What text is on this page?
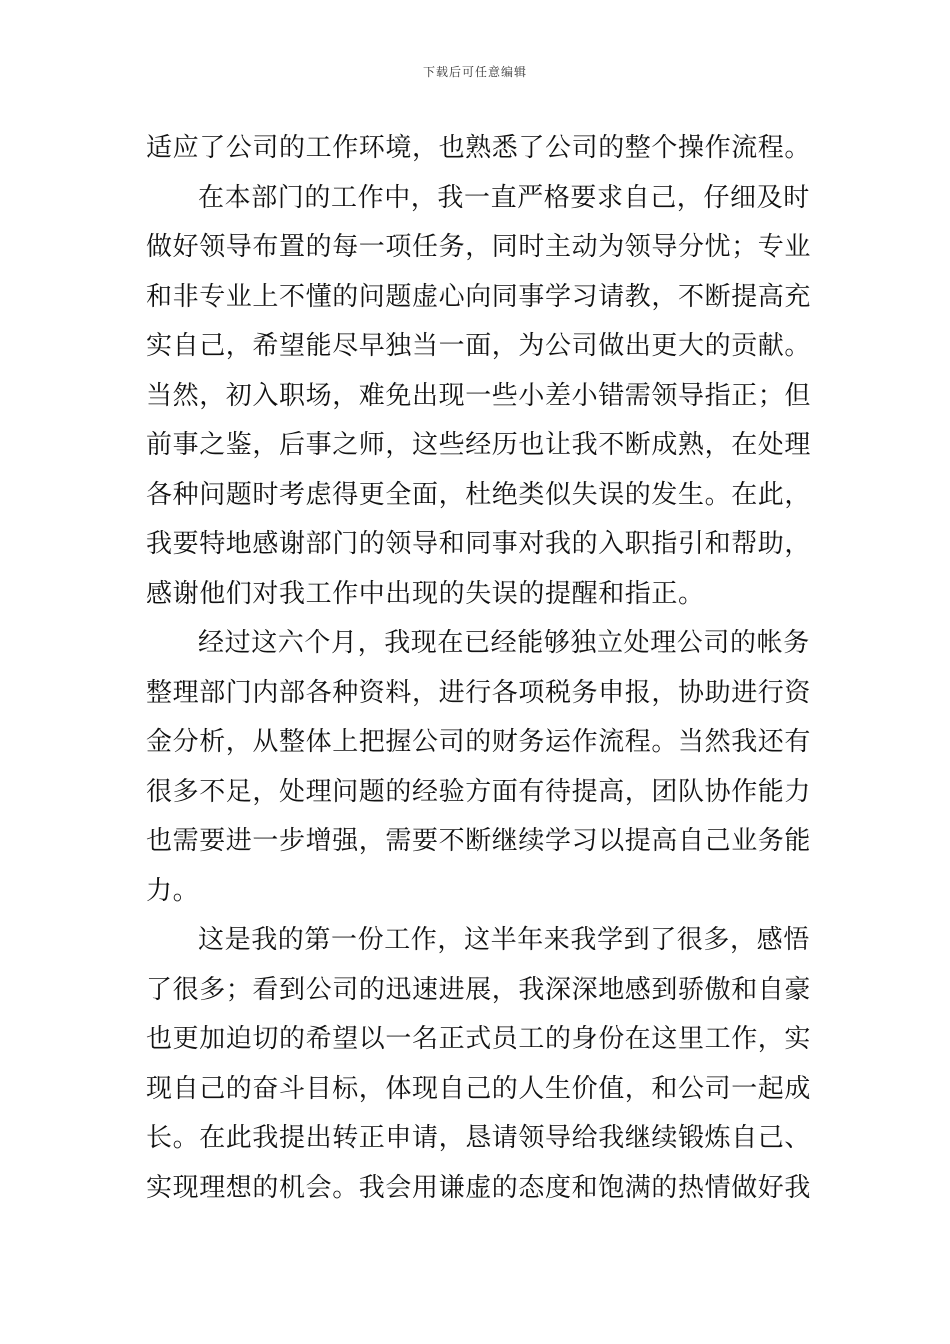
下载后可任意编辑
适应了公司的工作环境，也熟悉了公司的整个操作流程。
在本部门的工作中，我一直严格要求自己，仔细及时
做好领导布置的每一项任务，同时主动为领导分忧；专业
和非专业上不懂的问题虚心向同事学习请教，不断提高充
实自己，希望能尽早独当一面，为公司做出更大的贡献。
当然，初入职场，难免出现一些小差小错需领导指正；但
前事之鉴，后事之师，这些经历也让我不断成熟，在处理
各种问题时考虑得更全面，杜绝类似失误的发生。在此，
我要特地感谢部门的领导和同事对我的入职指引和帮助，
感谢他们对我工作中出现的失误的提醒和指正。
经过这六个月，我现在已经能够独立处理公司的帐务
整理部门内部各种资料，进行各项税务申报，协助进行资
金分析，从整体上把握公司的财务运作流程。当然我还有
很多不足，处理问题的经验方面有待提高，团队协作能力
也需要进一步增强，需要不断继续学习以提高自己业务能
力。
这是我的第一份工作，这半年来我学到了很多，感悟
了很多；看到公司的迅速进展，我深深地感到骄傲和自豪
也更加迫切的希望以一名正式员工的身份在这里工作，实
现自己的奋斗目标，体现自己的人生价值，和公司一起成
长。在此我提出转正申请，恳请领导给我继续锻炼自己、
实现理想的机会。我会用谦虚的态度和饱满的热情做好我
